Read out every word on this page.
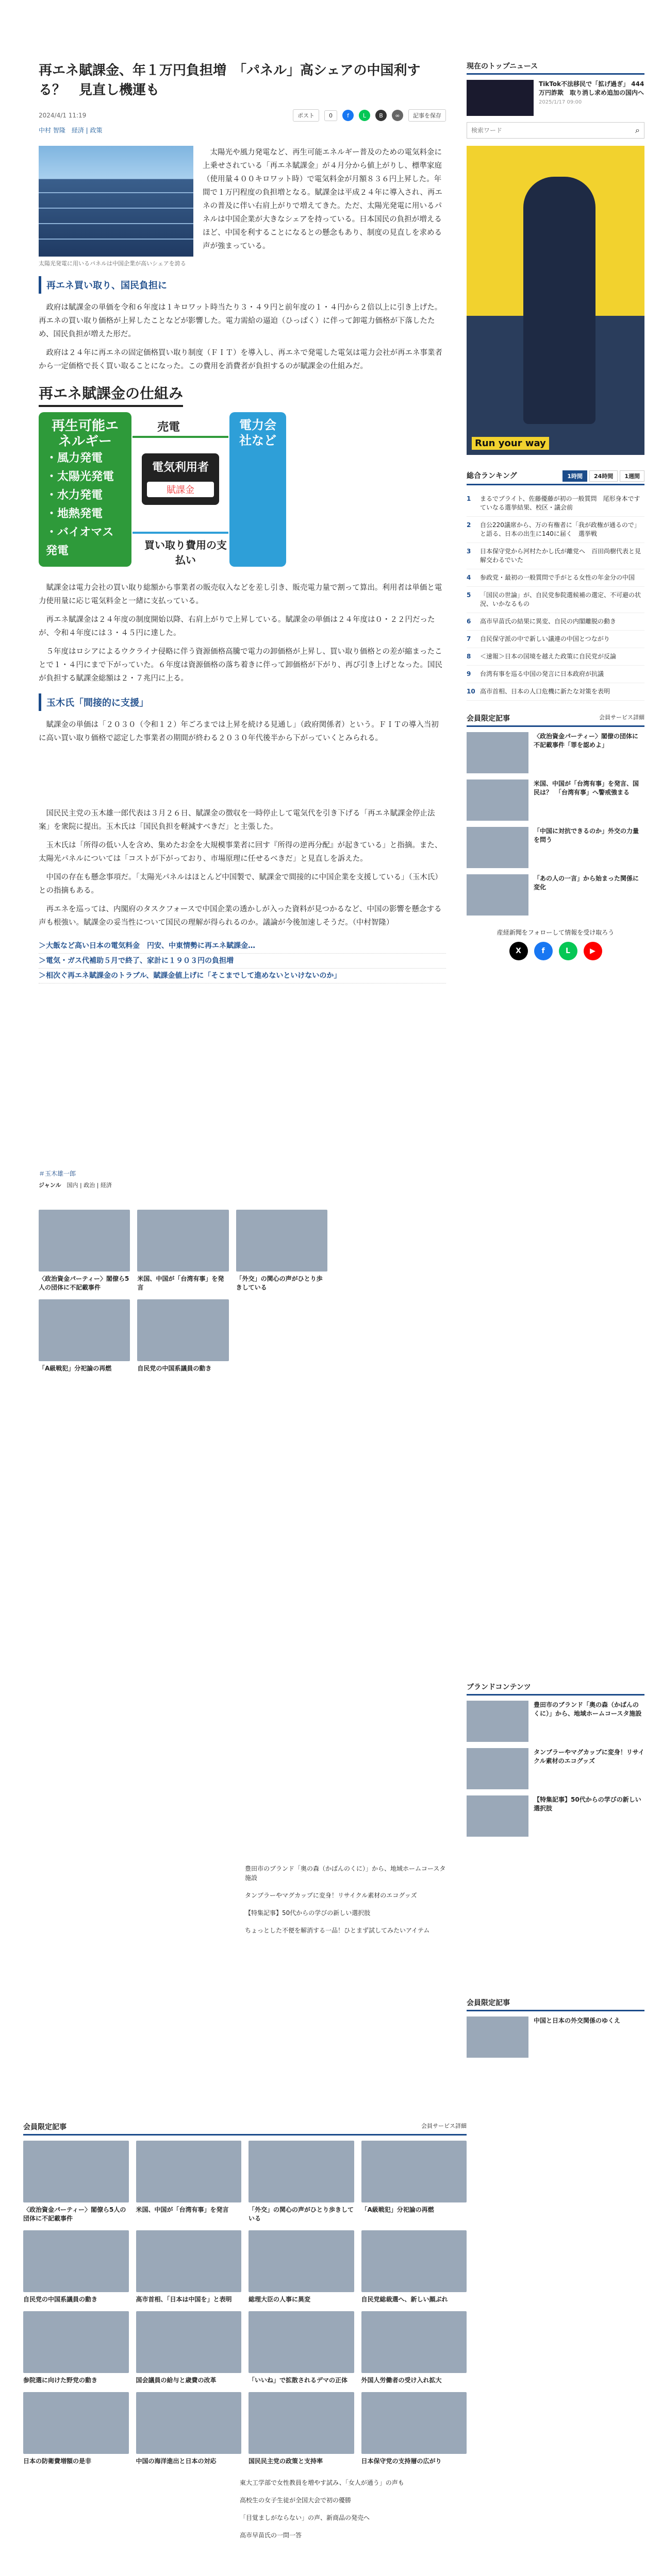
再エネ賦課金、年１万円負担増　「パネル」高シェアの中国利する？　見直し機運も
2024/4/1 11:19	ポスト	0	f	L	B	∞	記事を保存
中村 智隆　 経済 | 政策
太陽光発電に用いるパネルは中国企業が高いシェアを誇る

太陽光や風力発電など、再生可能エネルギー普及のための電気料金に上乗せされている「再エネ賦課金」が４月分から値上がりし、標準家庭（使用量４００キロワット時）で電気料金が月額８３６円上昇した。年間で１万円程度の負担増となる。賦課金は平成２４年に導入され、再エネの普及に伴い右肩上がりで増えてきた。ただ、太陽光発電に用いるパネルは中国企業が大きなシェアを持っている。日本国民の負担が増えるほど、中国を利することになるとの懸念もあり、制度の見直しを求める声が強まっている。

再エネ買い取り、国民負担に

政府は賦課金の単価を令和６年度は１キロワット時当たり３・４９円と前年度の１・４円から２倍以上に引き上げた。再エネの買い取り価格が上昇したことなどが影響した。電力需給の逼迫（ひっぱく）に伴って卸電力価格が下落したため、国民負担が増えた形だ。

政府は２４年に再エネの固定価格買い取り制度（ＦＩＴ）を導入し、再エネで発電した電気は電力会社が再エネ事業者から一定価格で長く買い取ることになった。この費用を消費者が負担するのが賦課金の仕組みだ。

再エネ賦課金の仕組み
再生可能エネルギー
・風力発電
・太陽光発電
・水力発電
・地熱発電
・バイオマス発電
売電
電気利用者
賦課金
買い取り費用の支払い
電力会社など

賦課金は電力会社の買い取り総額から事業者の販売収入などを差し引き、販売電力量で割って算出。利用者は単価と電力使用量に応じ電気料金と一緒に支払っている。

再エネ賦課金は２４年度の制度開始以降、右肩上がりで上昇している。賦課金の単価は２４年度は０・２２円だったが、令和４年度には３・４５円に達した。

５年度はロシアによるウクライナ侵略に伴う資源価格高騰で電力の卸価格が上昇し、買い取り価格との差が縮まったことで１・４円にまで下がっていた。６年度は資源価格の落ち着きに伴って卸価格が下がり、再び引き上げとなった。国民が負担する賦課金総額は２・７兆円に上る。

玉木氏「間接的に支援」

賦課金の単価は「２０３０（令和１２）年ごろまでは上昇を続ける見通し」（政府関係者）という。ＦＩＴの導入当初に高い買い取り価格で認定した事業者の期間が終わる２０３０年代後半から下がっていくとみられる。

国民民主党の玉木雄一郎代表は３月２６日、賦課金の徴収を一時停止して電気代を引き下げる「再エネ賦課金停止法案」を衆院に提出。玉木氏は「国民負担を軽減すべきだ」と主張した。

玉木氏は「所得の低い人を含め、集めたお金を大規模事業者に回す『所得の逆再分配』が起きている」と指摘。また、太陽光パネルについては「コストが下がっており、市場原理に任せるべきだ」と見直しを訴えた。

中国の存在も懸念事項だ。「太陽光パネルはほとんど中国製で、賦課金で間接的に中国企業を支援している」（玉木氏）との指摘もある。

再エネを巡っては、内閣府のタスクフォースで中国企業の透かしが入った資料が見つかるなど、中国の影響を懸念する声も根強い。賦課金の妥当性について国民の理解が得られるのか。議論が今後加速しそうだ。（中村智隆）

＞大飯など高い日本の電気料金　円安、中東情勢に再エネ賦課金…
＞電気・ガス代補助５月で終了、家計に１９０３円の負担増
＞相次ぐ再エネ賦課金のトラブル、賦課金値上げに「そこまでして進めないといけないのか」
＃玉木雄一郎
ジャンル　 国内 | 政治 | 経済
〈政治資金パーティー〉閣僚ら5人の団体に不記載事件
米国、中国が「台湾有事」を発言
「外交」の関心の声がひとり歩きしている
「A級戦犯」分祀論の再燃	自民党の中国系議員の動き

豊田市のブランド「奥の森（かばんのくに）」から、地域ホームコースタ施設

タンブラーやマグカップに変身！リサイクル素材のエコグッズ

【特集記事】50代からの学びの新しい選択肢

ちょっとした不便を解消する一品！ひとまず試してみたいアイテム

会員限定記事	会員サービス詳細
〈政治資金パーティー〉閣僚ら5人の団体に不記載事件
米国、中国が「台湾有事」を発言	「外交」の関心の声がひとり歩きしている
「A級戦犯」分祀論の再燃
自民党の中国系議員の動き	高市首相、「日本は中国を」と表明	総理大臣の人事に異変	自民党総裁選へ、新しい顔ぶれ
参院選に向けた野党の動き	国会議員の給与と歳費の改革	「いいね」で拡散されるデマの正体	外国人労働者の受け入れ拡大
日本の防衛費増額の是非	中国の海洋進出と日本の対応	国民民主党の政策と支持率	日本保守党の支持層の広がり

東大工学部で女性教員を増やす試み、「女人が通う」の声も

高校生の女子生徒が全国大会で初の優勝

「目覚ましがならない」の声、新商品の発売へ

高市早苗氏の一問一答

現在のトップニュース
TikTok不法移民で「拡げ過ぎ」 444万円詐欺　取り消し求め追加の国内へ
2025/1/17 09:00
検索ワード
⌕
Run your way
総合ランキング	1時間 24時間 1週間
1	まるでブライト、佐藤優藤が初の一般質問　尾形身本ですていなる選挙結果、校区・議会前
2	自公220議席から、万の有権者に「我が政権が通るので」と語る、日本の出生に140に届く　選挙戦
3	日本保守党から河村たかし氏が離党へ　百田尚樹代表と見解交わるでいた
4	参政党・最初の一般質問で手がとる女性の年金分の中国
5	「国民の世論」が、自民党参院選候補の選定、不可避の状況、いかなるもの
6	高市早苗氏の結果に異変、自民の内閣離脱の動き
7	自民保守派の中で新しい議連の中国とつながり
8	＜速報＞日本の国境を越えた政策に自民党が反論
9	台湾有事を巡る中国の発言に日本政府が抗議
10 高市首相、日本の人口危機に新たな対策を表明
会員限定記事	会員サービス詳細
〈政治資金パーティー〉閣僚の団体に不記載事件「罪を認めよ」
米国、中国が「台湾有事」を発言、国民は？　「台湾有事」へ警戒強まる
「中国に対抗できるのか」外交の力量を問う
「あの人の一言」から始まった関係に変化
産経新聞をフォローして情報を受け取ろう
X	f	L	▶
ブランドコンテンツ
豊田市のブランド「奥の森（かばんのくに）」から、地域ホームコースタ施設
タンブラーやマグカップに変身！リサイクル素材のエコグッズ
【特集記事】50代からの学びの新しい選択肢
会員限定記事
中国と日本の外交関係のゆくえ
